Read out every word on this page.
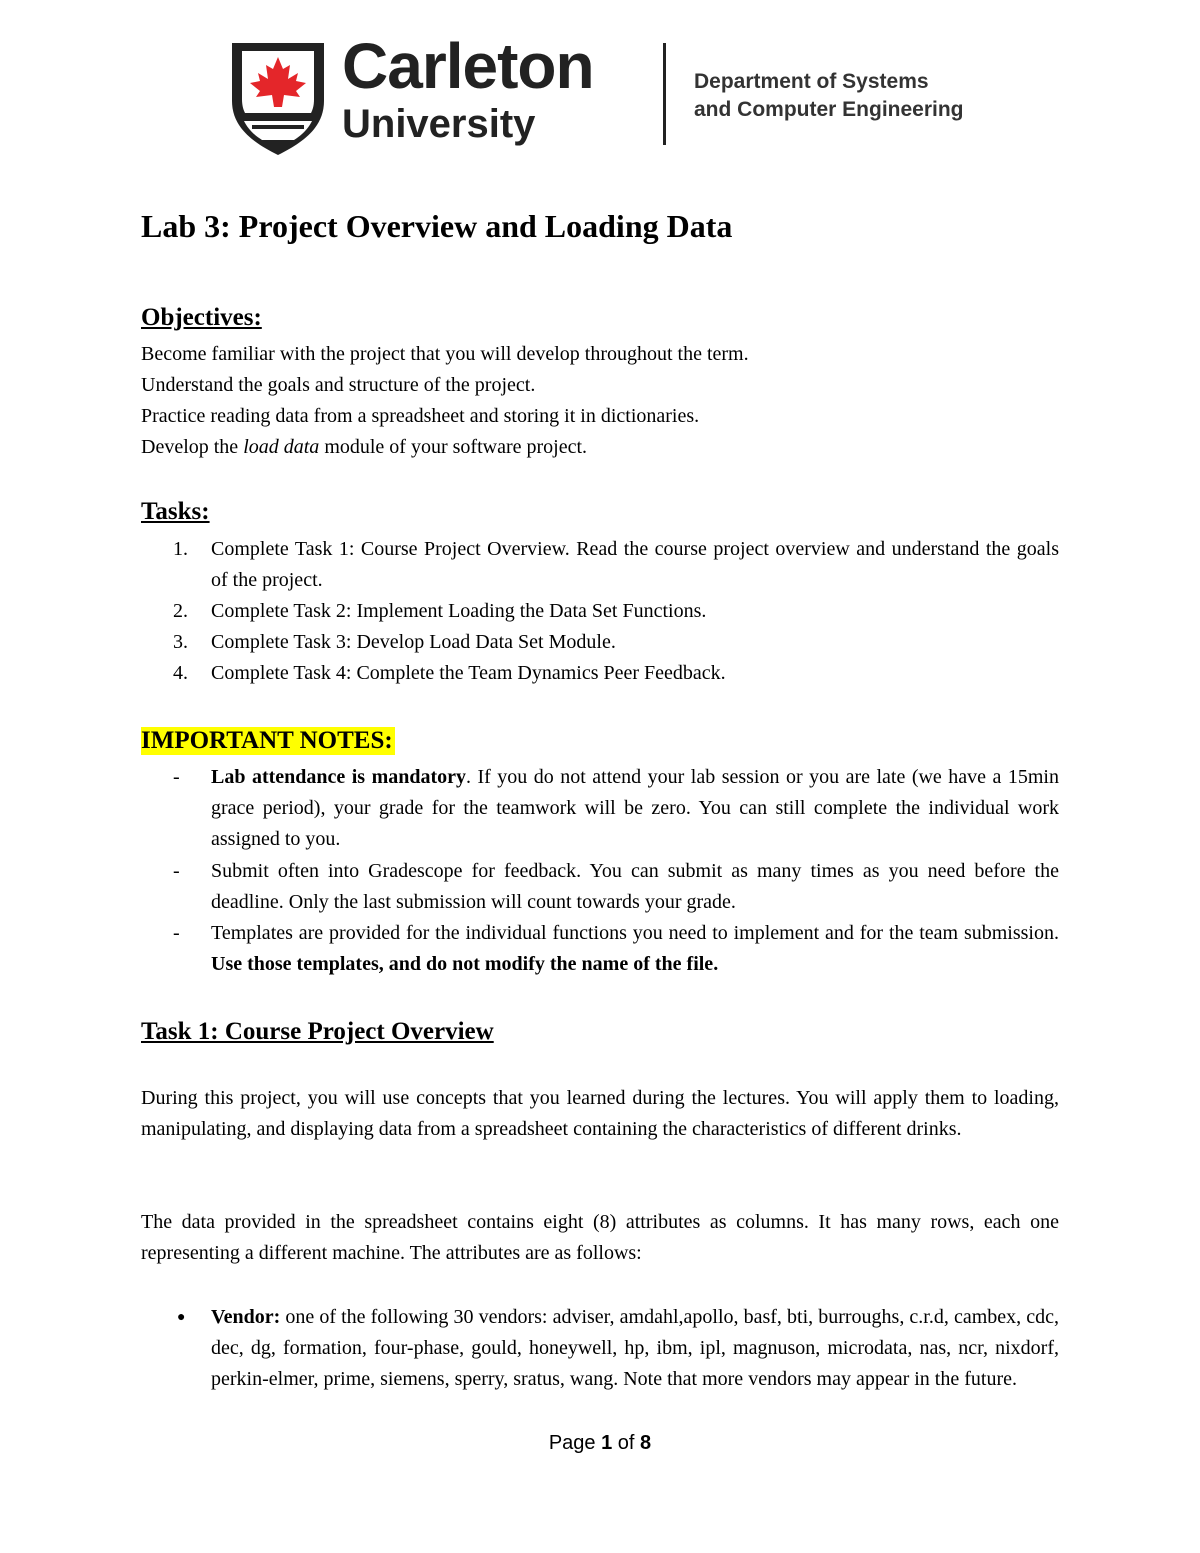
Carleton
University
Department of Systems
and Computer Engineering
Lab 3: Project Overview and Loading Data
Objectives:
Become familiar with the project that you will develop throughout the term.
Understand the goals and structure of the project.
Practice reading data from a spreadsheet and storing it in dictionaries.
Develop the load data module of your software project.
Tasks:
1. Complete Task 1: Course Project Overview. Read the course project overview and understand the goals of the project.
2. Complete Task 2: Implement Loading the Data Set Functions.
3. Complete Task 3: Develop Load Data Set Module.
4. Complete Task 4: Complete the Team Dynamics Peer Feedback.
IMPORTANT NOTES:
- Lab attendance is mandatory. If you do not attend your lab session or you are late (we have a 15min grace period), your grade for the teamwork will be zero. You can still complete the individual work assigned to you.
- Submit often into Gradescope for feedback. You can submit as many times as you need before the deadline. Only the last submission will count towards your grade.
- Templates are provided for the individual functions you need to implement and for the team submission. Use those templates, and do not modify the name of the file.
Task 1: Course Project Overview

During this project, you will use concepts that you learned during the lectures. You will apply them to loading, manipulating, and displaying data from a spreadsheet containing the characteristics of different drinks.

The data provided in the spreadsheet contains eight (8) attributes as columns. It has many rows, each one representing a different machine. The attributes are as follows:

● Vendor: one of the following 30 vendors: adviser, amdahl,apollo, basf, bti, burroughs, c.r.d, cambex, cdc, dec, dg, formation, four-phase, gould, honeywell, hp, ibm, ipl, magnuson, microdata, nas, ncr, nixdorf, perkin-elmer, prime, siemens, sperry, sratus, wang. Note that more vendors may appear in the future.
Page 1 of 8
